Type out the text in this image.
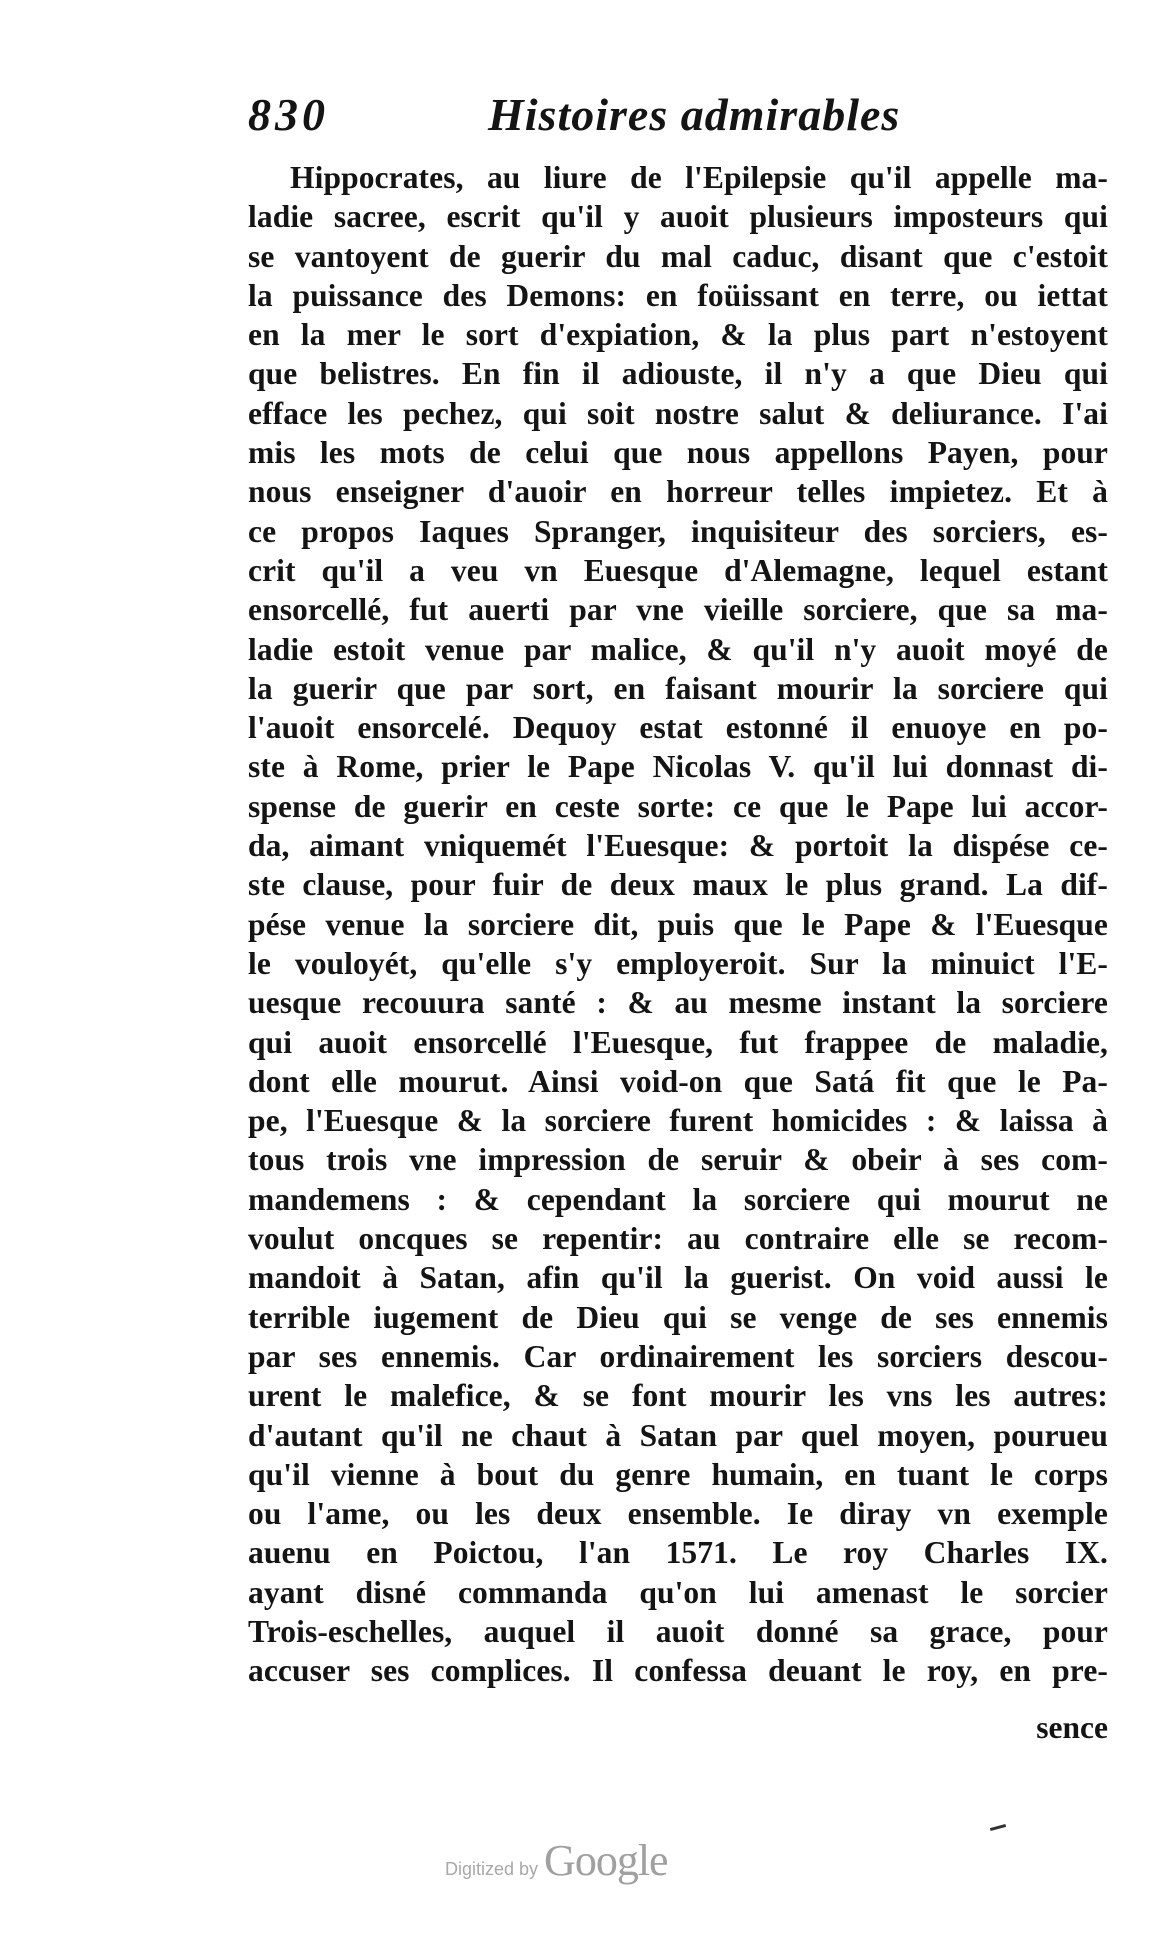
830	Histoires admirables
Hippocrates, au liure de l'Epilepsie qu'il appelle ma-
ladie sacree, escrit qu'il y auoit plusieurs imposteurs qui
se vantoyent de guerir du mal caduc, disant que c'estoit
la puissance des Demons: en foüissant en terre, ou iettat
en la mer le sort d'expiation, & la plus part n'estoyent
que belistres. En fin il adiouste, il n'y a que Dieu qui
efface les pechez, qui soit nostre salut & deliurance. I'ai
mis les mots de celui que nous appellons Payen, pour
nous enseigner d'auoir en horreur telles impietez. Et à
ce propos Iaques Spranger, inquisiteur des sorciers, es-
crit qu'il a veu vn Euesque d'Alemagne, lequel estant
ensorcellé, fut auerti par vne vieille sorciere, que sa ma-
ladie estoit venue par malice, & qu'il n'y auoit moyé de
la guerir que par sort, en faisant mourir la sorciere qui
l'auoit ensorcelé. Dequoy estat estonné il enuoye en po-
ste à Rome, prier le Pape Nicolas V. qu'il lui donnast di-
spense de guerir en ceste sorte: ce que le Pape lui accor-
da, aimant vniquemét l'Euesque: & portoit la dispése ce-
ste clause, pour fuir de deux maux le plus grand. La dif-
pése venue la sorciere dit, puis que le Pape & l'Euesque
le vouloyét, qu'elle s'y employeroit. Sur la minuict l'E-
uesque recouura santé : & au mesme instant la sorciere
qui auoit ensorcellé l'Euesque, fut frappee de maladie,
dont elle mourut. Ainsi void-on que Satá fit que le Pa-
pe, l'Euesque & la sorciere furent homicides : & laissa à
tous trois vne impression de seruir & obeir à ses com-
mandemens : & cependant la sorciere qui mourut ne
voulut oncques se repentir: au contraire elle se recom-
mandoit à Satan, afin qu'il la guerist. On void aussi le
terrible iugement de Dieu qui se venge de ses ennemis
par ses ennemis. Car ordinairement les sorciers descou-
urent le malefice, & se font mourir les vns les autres:
d'autant qu'il ne chaut à Satan par quel moyen, pourueu
qu'il vienne à bout du genre humain, en tuant le corps
ou l'ame, ou les deux ensemble. Ie diray vn exemple
auenu en Poictou, l'an 1571. Le roy Charles IX.
ayant disné commanda qu'on lui amenast le sorcier
Trois-eschelles, auquel il auoit donné sa grace, pour
accuser ses complices. Il confessa deuant le roy, en pre-
sence
Digitized by Google
